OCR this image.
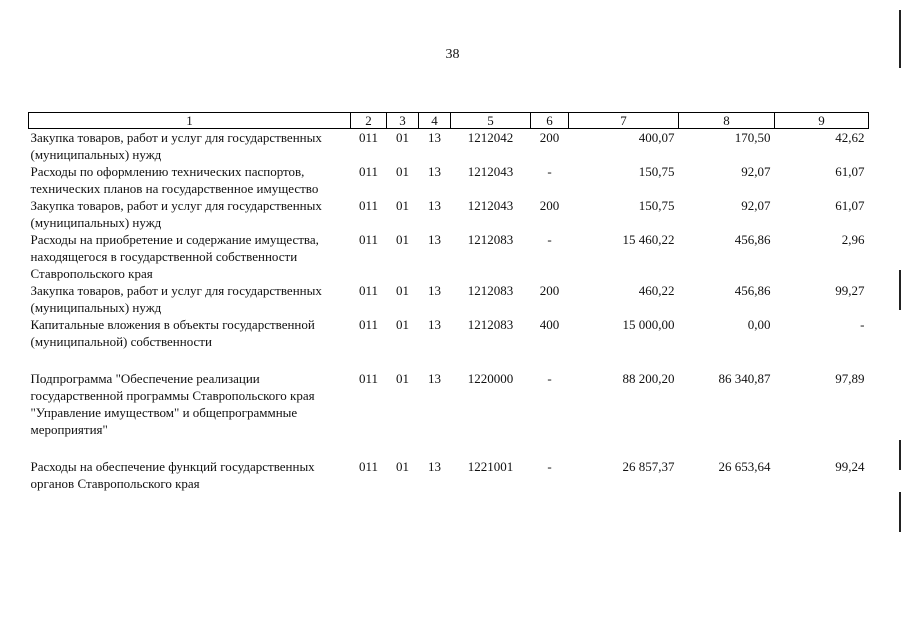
38
1	2	3	4	5	6	7	8	9
Закупка товаров, работ и услуг для государственных (муниципальных) нужд	011	01	13	1212042	200	400,07	170,50	42,62
Расходы по оформлению технических паспортов, технических планов на государственное имущество	011	01	13	1212043	-	150,75	92,07	61,07
Закупка товаров, работ и услуг для государственных (муниципальных) нужд	011	01	13	1212043	200	150,75	92,07	61,07
Расходы на приобретение и содержание имущества, находящегося в государственной собственности Ставропольского края	011	01	13	1212083	-	15 460,22	456,86	2,96
Закупка товаров, работ и услуг для государственных (муниципальных) нужд	011	01	13	1212083	200	460,22	456,86	99,27
Капитальные вложения в объекты государственной (муниципальной) собственности	011	01	13	1212083	400	15 000,00	0,00	-

Подпрограмма "Обеспечение реализации государственной программы Ставропольского края "Управление имуществом" и общепрограммные мероприятия"	011	01	13	1220000	-	88 200,20	86 340,87	97,89

Расходы на обеспечение функций государственных органов Ставропольского края	011	01	13	1221001	-	26 857,37	26 653,64	99,24
